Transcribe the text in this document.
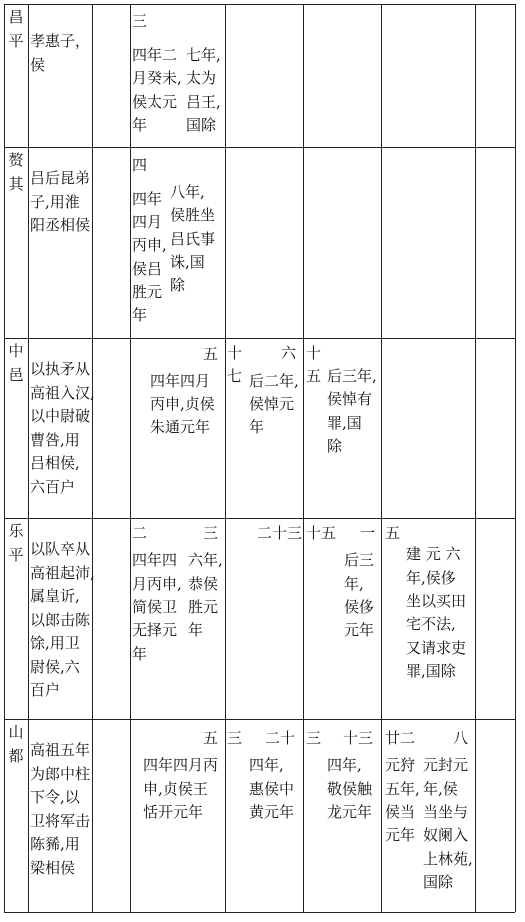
昌
平 孝惠子，
侯
三
四年二
月癸未,
侯太元
年
七年,
太为
吕王,
国除
赘
其 吕后昆弟
子,用淮
阳丞相侯
四
四年
四月
丙申,
侯吕
胜元
年
八年,
侯胜坐
吕氏事
诛,国
除
中
邑 以执矛从
高祖入汉,
以中尉破
曹咎,用
吕相侯,
六百户
五
四年四月
丙申,贞侯
朱通元年
十
七
六
后二年,
侯悼元
年
十
五 后三年,
侯悼有
罪,国
除
乐
平 以队卒从
高祖起沛,
属皇䜣,
以郎击陈
馀,用卫
尉侯,六
百户
二	三
四年四
月丙申,
简侯卫
无择元
年
六年,
恭侯
胜元
年
二十三 十五 一
后三
年,
侯侈
元年
五
建 元 六
年,侯侈
坐以买田
宅不法,
又请求吏
罪,国除
山
都 高祖五年
为郎中柱
下令,以
卫将军击
陈豨,用
梁相侯
五
四年四月丙
申,贞侯王
恬开元年
三 二十
四年,
惠侯中
黄元年
三 十三
四年,
敬侯触
龙元年
廿二	八
元狩
五年,
侯当
元年
元封元
年,侯
当坐与
奴阑入
上林苑,
国除
